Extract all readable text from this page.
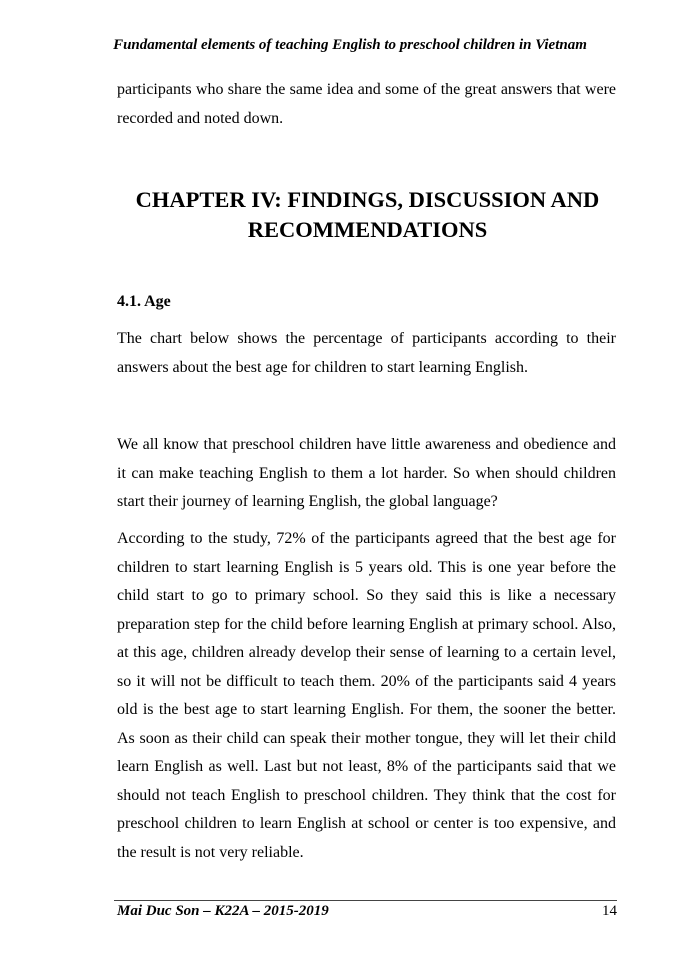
Fundamental elements of teaching English to preschool children in Vietnam

participants who share the same idea and some of the great answers that were recorded and noted down.

CHAPTER IV: FINDINGS, DISCUSSION AND RECOMMENDATIONS
4.1. Age

The chart below shows the percentage of participants according to their answers about the best age for children to start learning English.

We all know that preschool children have little awareness and obedience and it can make teaching English to them a lot harder. So when should children start their journey of learning English, the global language?

According to the study, 72% of the participants agreed that the best age for children to start learning English is 5 years old. This is one year before the child start to go to primary school. So they said this is like a necessary preparation step for the child before learning English at primary school. Also, at this age, children already develop their sense of learning to a certain level, so it will not be difficult to teach them. 20% of the participants said 4 years old is the best age to start learning English. For them, the sooner the better. As soon as their child can speak their mother tongue, they will let their child learn English as well. Last but not least, 8% of the participants said that we should not teach English to preschool children. They think that the cost for preschool children to learn English at school or center is too expensive, and the result is not very reliable.

Mai Duc Son – K22A – 2015-2019	14
